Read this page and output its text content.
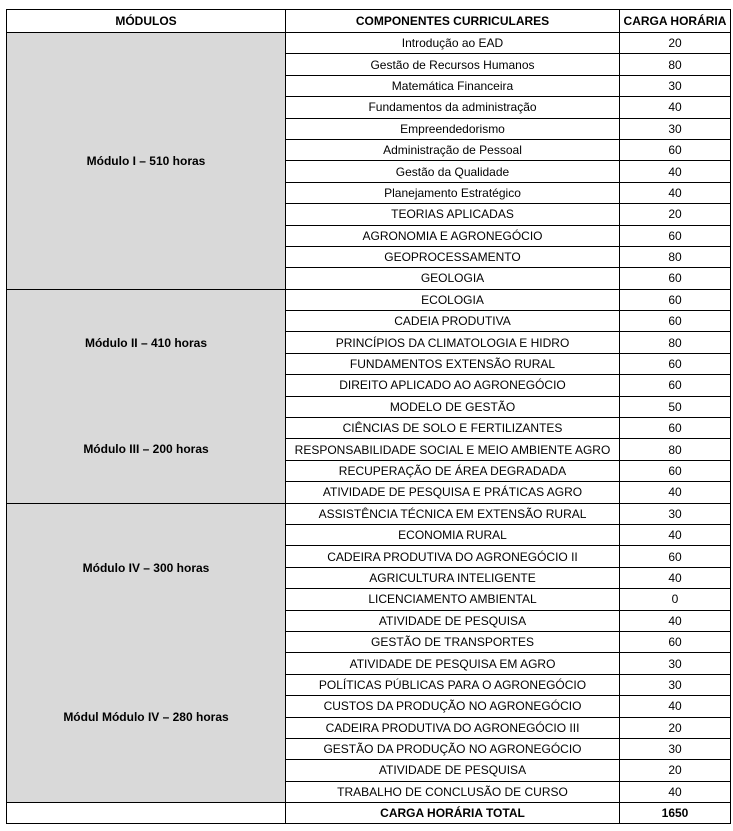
MÓDULOS	COMPONENTES CURRICULARES	CARGA HORÁRIA
Módulo I – 510 horas	Introdução ao EAD	20
	Gestão de Recursos Humanos	80
	Matemática Financeira	30
	Fundamentos da administração	40
	Empreendedorismo	30
	Administração de Pessoal	60
	Gestão da Qualidade	40
	Planejamento Estratégico	40
	TEORIAS APLICADAS	20
	AGRONOMIA E AGRONEGÓCIO	60
	GEOPROCESSAMENTO	80
	GEOLOGIA	60
Módulo II – 410 horas	ECOLOGIA	60
	CADEIA PRODUTIVA	60
	PRINCÍPIOS DA CLIMATOLOGIA E HIDRO	80
	FUNDAMENTOS EXTENSÃO RURAL	60
	DIREITO APLICADO AO AGRONEGÓCIO	60
Módulo III – 200 horas	MODELO DE GESTÃO	50
	CIÊNCIAS DE SOLO E FERTILIZANTES	60
	RESPONSABILIDADE SOCIAL E MEIO AMBIENTE AGRO	80
	RECUPERAÇÃO DE ÁREA DEGRADADA	60
	ATIVIDADE DE PESQUISA E PRÁTICAS AGRO	40
Módulo IV – 300 horas	ASSISTÊNCIA TÉCNICA EM EXTENSÃO RURAL	30
	ECONOMIA RURAL	40
	CADEIRA PRODUTIVA DO AGRONEGÓCIO II	60
	AGRICULTURA INTELIGENTE	40
	LICENCIAMENTO AMBIENTAL	0
	ATIVIDADE DE PESQUISA	40
Módul Módulo IV – 280 horas	GESTÃO DE TRANSPORTES	60
	ATIVIDADE DE PESQUISA EM AGRO	30
	POLÍTICAS PÚBLICAS PARA O AGRONEGÓCIO	30
	CUSTOS DA PRODUÇÃO NO AGRONEGÓCIO	40
	CADEIRA PRODUTIVA DO AGRONEGÓCIO III	20
	GESTÃO DA PRODUÇÃO NO AGRONEGÓCIO	30
	ATIVIDADE DE PESQUISA	20
	TRABALHO DE CONCLUSÃO DE CURSO	40
	CARGA HORÁRIA TOTAL	1650
